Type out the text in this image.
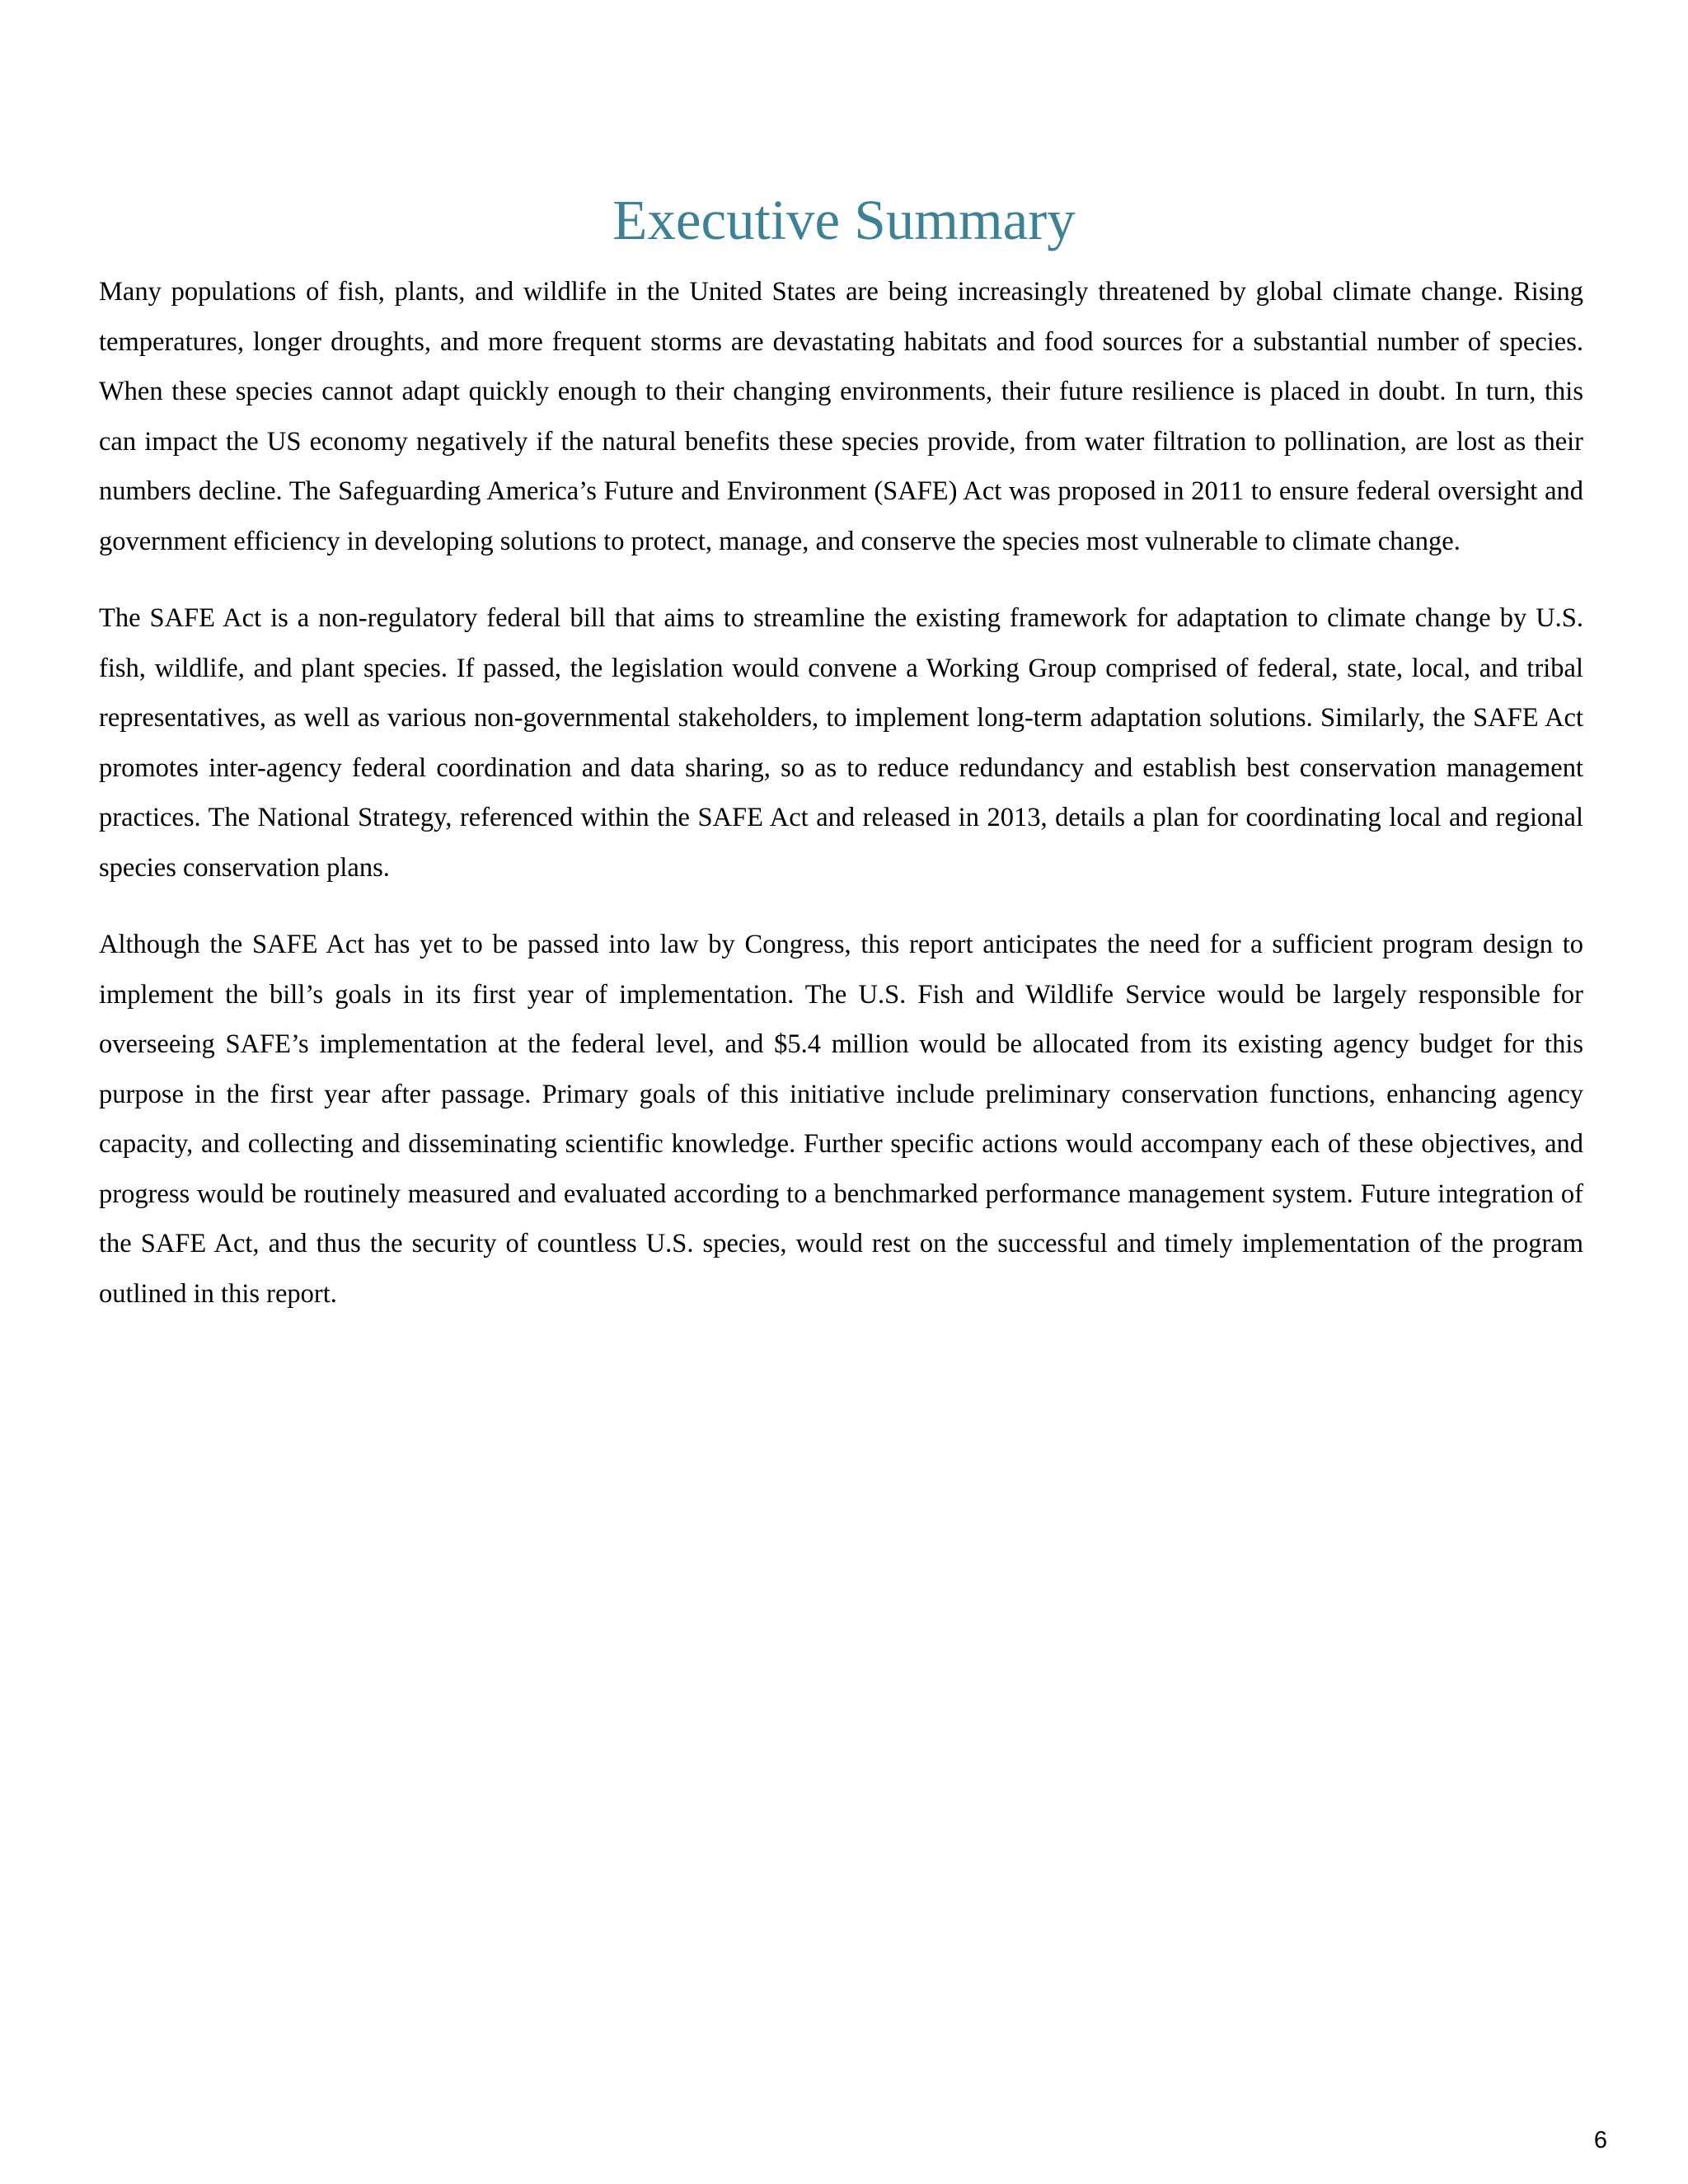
Executive Summary

Many populations of fish, plants, and wildlife in the United States are being increasingly threatened by global climate change. Rising temperatures, longer droughts, and more frequent storms are devastating habitats and food sources for a substantial number of species. When these species cannot adapt quickly enough to their changing environments, their future resilience is placed in doubt. In turn, this can impact the US economy negatively if the natural benefits these species provide, from water filtration to pollination, are lost as their numbers decline. The Safeguarding America’s Future and Environment (SAFE) Act was proposed in 2011 to ensure federal oversight and government efficiency in developing solutions to protect, manage, and conserve the species most vulnerable to climate change.

The SAFE Act is a non-regulatory federal bill that aims to streamline the existing framework for adaptation to climate change by U.S. fish, wildlife, and plant species. If passed, the legislation would convene a Working Group comprised of federal, state, local, and tribal representatives, as well as various non-governmental stakeholders, to implement long-term adaptation solutions. Similarly, the SAFE Act promotes inter-agency federal coordination and data sharing, so as to reduce redundancy and establish best conservation management practices. The National Strategy, referenced within the SAFE Act and released in 2013, details a plan for coordinating local and regional species conservation plans.

Although the SAFE Act has yet to be passed into law by Congress, this report anticipates the need for a sufficient program design to implement the bill’s goals in its first year of implementation. The U.S. Fish and Wildlife Service would be largely responsible for overseeing SAFE’s implementation at the federal level, and $5.4 million would be allocated from its existing agency budget for this purpose in the first year after passage. Primary goals of this initiative include preliminary conservation functions, enhancing agency capacity, and collecting and disseminating scientific knowledge. Further specific actions would accompany each of these objectives, and progress would be routinely measured and evaluated according to a benchmarked performance management system. Future integration of the SAFE Act, and thus the security of countless U.S. species, would rest on the successful and timely implementation of the program outlined in this report.

6
